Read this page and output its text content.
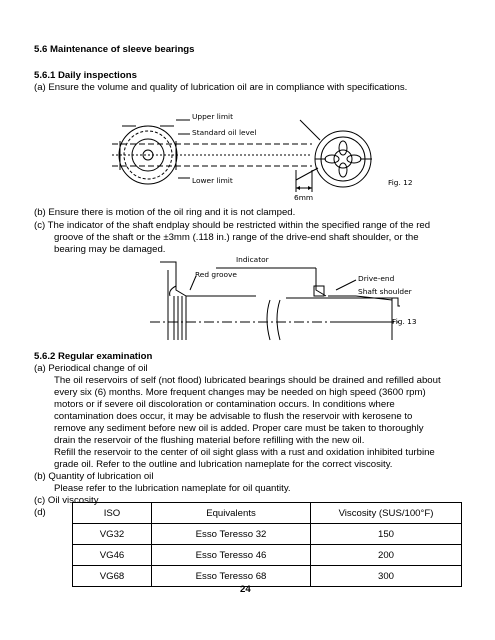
5.6 Maintenance of sleeve bearings
5.6.1 Daily inspections
(a) Ensure the volume and quality of lubrication oil are in compliance with specifications.
Upper limit
Standard oil level
Lower limit
6mm
Fig. 12
(b) Ensure there is motion of the oil ring and it is not clamped.
(c) The indicator of the shaft endplay should be restricted within the specified range of the red
groove of the shaft or the ±3mm (.118 in.) range of the drive-end shaft shoulder, or the
bearing may be damaged.
Indicator
Red groove	Drive-end
Shaft shoulder
Fig. 13
5.6.2 Regular examination
(a) Periodical change of oil
The oil reservoirs of self (not flood) lubricated bearings should be drained and refilled about
every six (6) months. More frequent changes may be needed on high speed (3600 rpm)
motors or if severe oil discoloration or contamination occurs. In conditions where
contamination does occur, it may be advisable to flush the reservoir with kerosene to
remove any sediment before new oil is added. Proper care must be taken to thoroughly
drain the reservoir of the flushing material before refilling with the new oil.
Refill the reservoir to the center of oil sight glass with a rust and oxidation inhibited turbine
grade oil. Refer to the outline and lubrication nameplate for the correct viscosity.
(b) Quantity of lubrication oil
Please refer to the lubrication nameplate for oil quantity.
(c) Oil viscosity
(d)	ISO	Equivalents	Viscosity (SUS/100°F)
VG32	Esso Teresso 32	150
VG46	Esso Teresso 46	200
VG68	Esso Teresso 68	300
24
